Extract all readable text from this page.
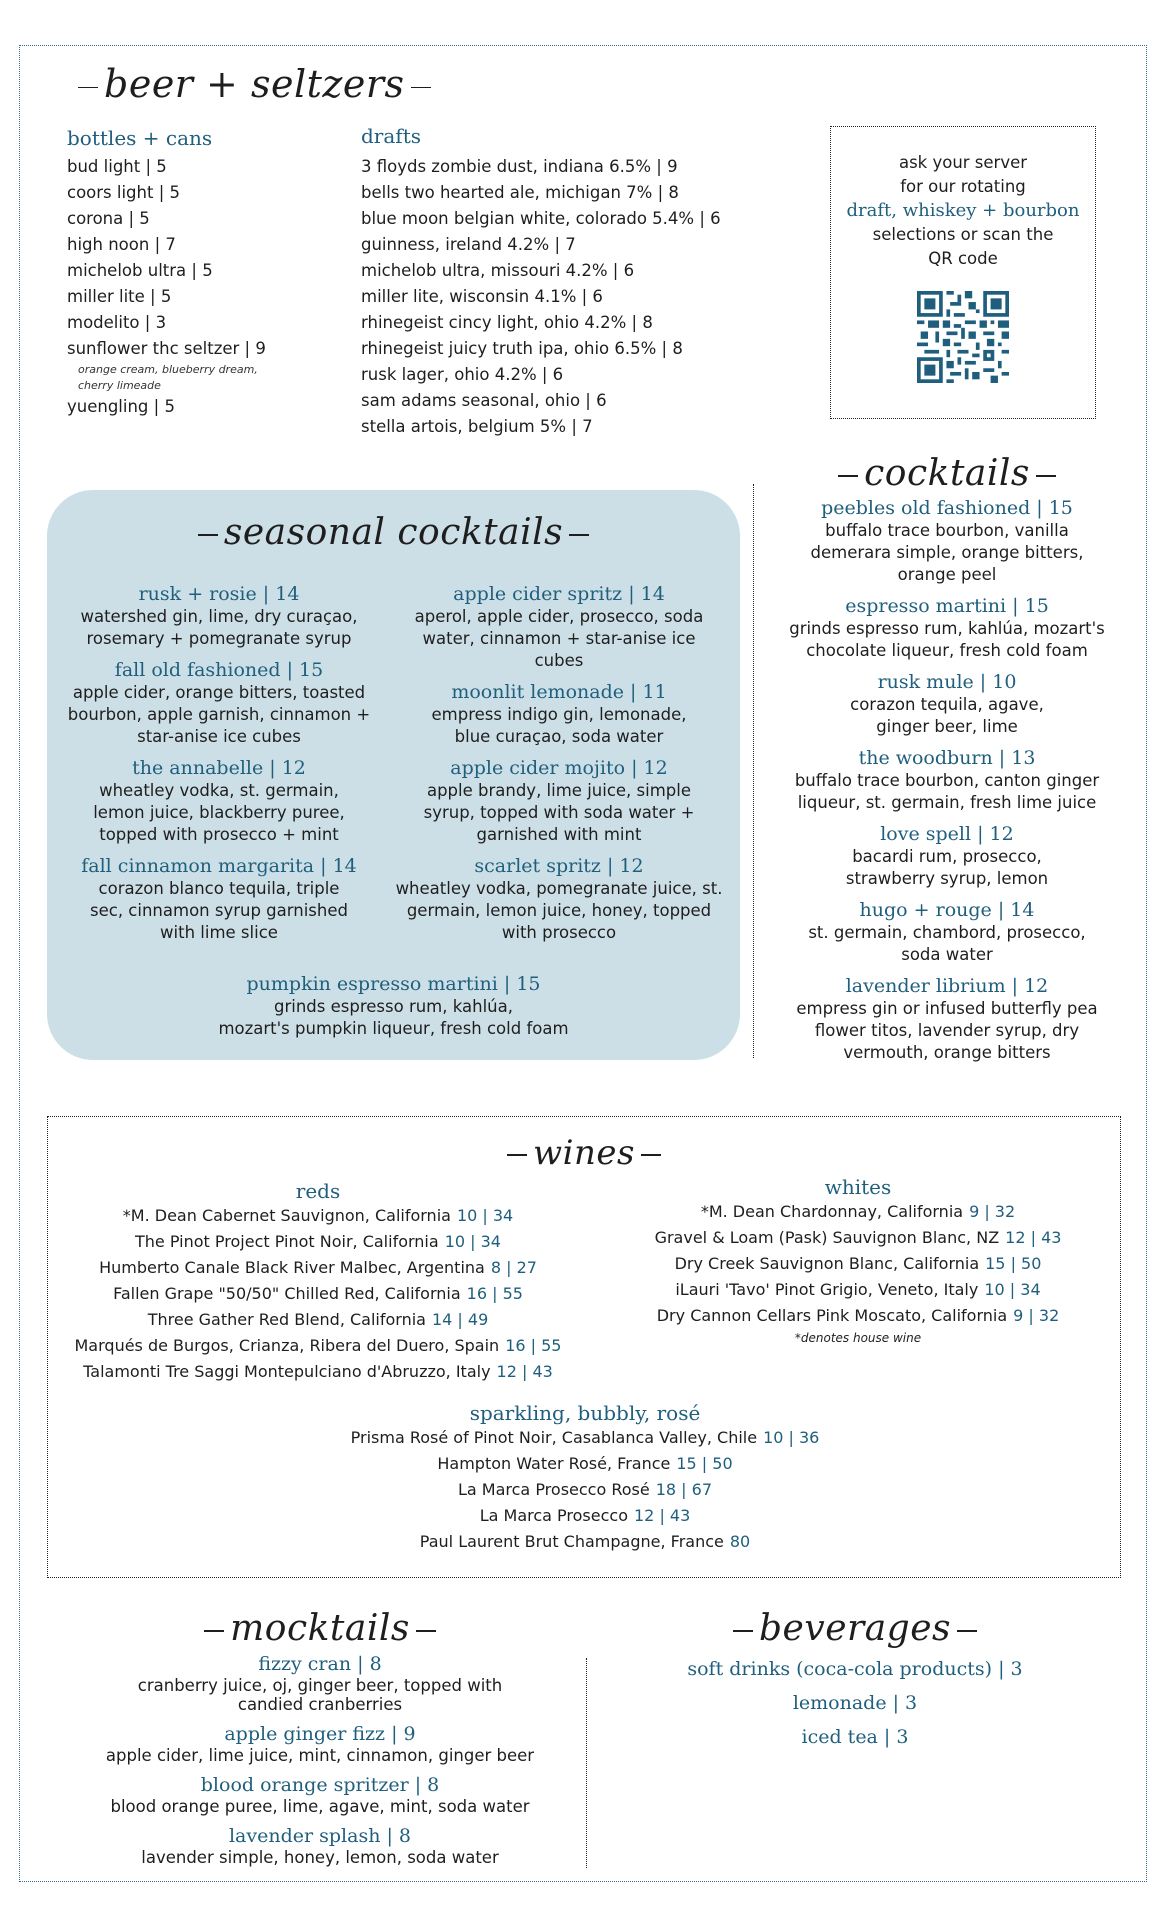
beer + seltzers
bottles + cans
bud light | 5
coors light | 5
corona | 5
high noon | 7
michelob ultra | 5
miller lite | 5
modelito | 3
sunflower thc seltzer | 9
orange cream, blueberry dream, cherry limeade
yuengling | 5
drafts
3 floyds zombie dust, indiana 6.5% | 9
bells two hearted ale, michigan 7% | 8
blue moon belgian white, colorado 5.4% | 6
guinness, ireland 4.2% | 7
michelob ultra, missouri 4.2% | 6
miller lite, wisconsin 4.1% | 6
rhinegeist cincy light, ohio 4.2% | 8
rhinegeist juicy truth ipa, ohio 6.5% | 8
rusk lager, ohio 4.2% | 6
sam adams seasonal, ohio | 6
stella artois, belgium 5% | 7
ask your server
for our rotating
draft, whiskey + bourbon
selections or scan the
QR code
seasonal cocktails
rusk + rosie | 14
watershed gin, lime, dry curaçao, rosemary + pomegranate syrup
fall old fashioned | 15
apple cider, orange bitters, toasted bourbon, apple garnish, cinnamon + star-anise ice cubes
the annabelle | 12
wheatley vodka, st. germain, lemon juice, blackberry puree, topped with prosecco + mint
fall cinnamon margarita | 14
corazon blanco tequila, triple sec, cinnamon syrup garnished with lime slice
apple cider spritz | 14
aperol, apple cider, prosecco, soda water, cinnamon + star-anise ice cubes
moonlit lemonade | 11
empress indigo gin, lemonade, blue curaçao, soda water
apple cider mojito | 12
apple brandy, lime juice, simple syrup, topped with soda water + garnished with mint
scarlet spritz | 12
wheatley vodka, pomegranate juice, st. germain, lemon juice, honey, topped with prosecco
pumpkin espresso martini | 15
grinds espresso rum, kahlúa,
mozart's pumpkin liqueur, fresh cold foam
cocktails
peebles old fashioned | 15
buffalo trace bourbon, vanilla demerara simple, orange bitters, orange peel
espresso martini | 15
grinds espresso rum, kahlúa, mozart's chocolate liqueur, fresh cold foam
rusk mule | 10
corazon tequila, agave, ginger beer, lime
the woodburn | 13
buffalo trace bourbon, canton ginger liqueur, st. germain, fresh lime juice
love spell | 12
bacardi rum, prosecco, strawberry syrup, lemon
hugo + rouge | 14
st. germain, chambord, prosecco, soda water
lavender librium | 12
empress gin or infused butterfly pea flower titos, lavender syrup, dry vermouth, orange bitters
wines
reds
*M. Dean Cabernet Sauvignon, California 10 | 34
The Pinot Project Pinot Noir, California 10 | 34
Humberto Canale Black River Malbec, Argentina 8 | 27
Fallen Grape "50/50" Chilled Red, California 16 | 55
Three Gather Red Blend, California 14 | 49
Marqués de Burgos, Crianza, Ribera del Duero, Spain 16 | 55
Talamonti Tre Saggi Montepulciano d'Abruzzo, Italy 12 | 43
whites
*M. Dean Chardonnay, California 9 | 32
Gravel & Loam (Pask) Sauvignon Blanc, NZ 12 | 43
Dry Creek Sauvignon Blanc, California 15 | 50
iLauri 'Tavo' Pinot Grigio, Veneto, Italy 10 | 34
Dry Cannon Cellars Pink Moscato, California 9 | 32
*denotes house wine
sparkling, bubbly, rosé
Prisma Rosé of Pinot Noir, Casablanca Valley, Chile 10 | 36
Hampton Water Rosé, France 15 | 50
La Marca Prosecco Rosé 18 | 67
La Marca Prosecco 12 | 43
Paul Laurent Brut Champagne, France 80
mocktails
fizzy cran | 8
cranberry juice, oj, ginger beer, topped with candied cranberries
apple ginger fizz | 9
apple cider, lime juice, mint, cinnamon, ginger beer
blood orange spritzer | 8
blood orange puree, lime, agave, mint, soda water
lavender splash | 8
lavender simple, honey, lemon, soda water
beverages
soft drinks (coca-cola products) | 3
lemonade | 3
iced tea | 3
